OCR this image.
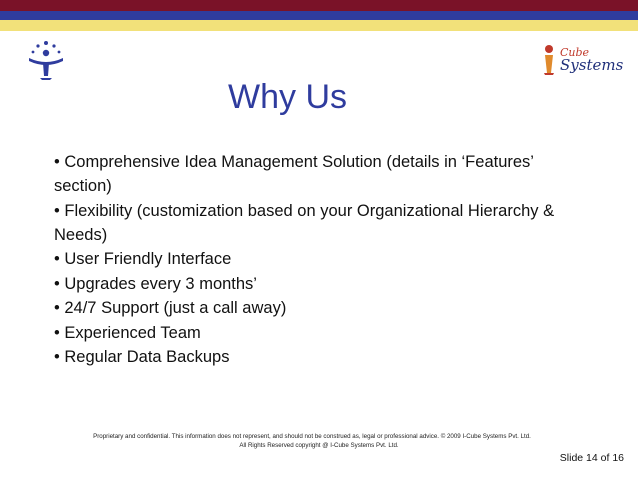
Cube
Systems
Why Us
• Comprehensive Idea Management Solution (details in ‘Features’ section)
• Flexibility (customization based on your Organizational Hierarchy & Needs)
• User Friendly Interface
• Upgrades every 3 months’
• 24/7 Support (just a call away)
• Experienced Team
• Regular Data Backups
Proprietary and confidential. This information does not represent, and should not be construed as, legal or professional advice. © 2009 I-Cube Systems Pvt. Ltd.
All Rights Reserved copyright @ I-Cube Systems Pvt. Ltd.
Slide 14 of 16
